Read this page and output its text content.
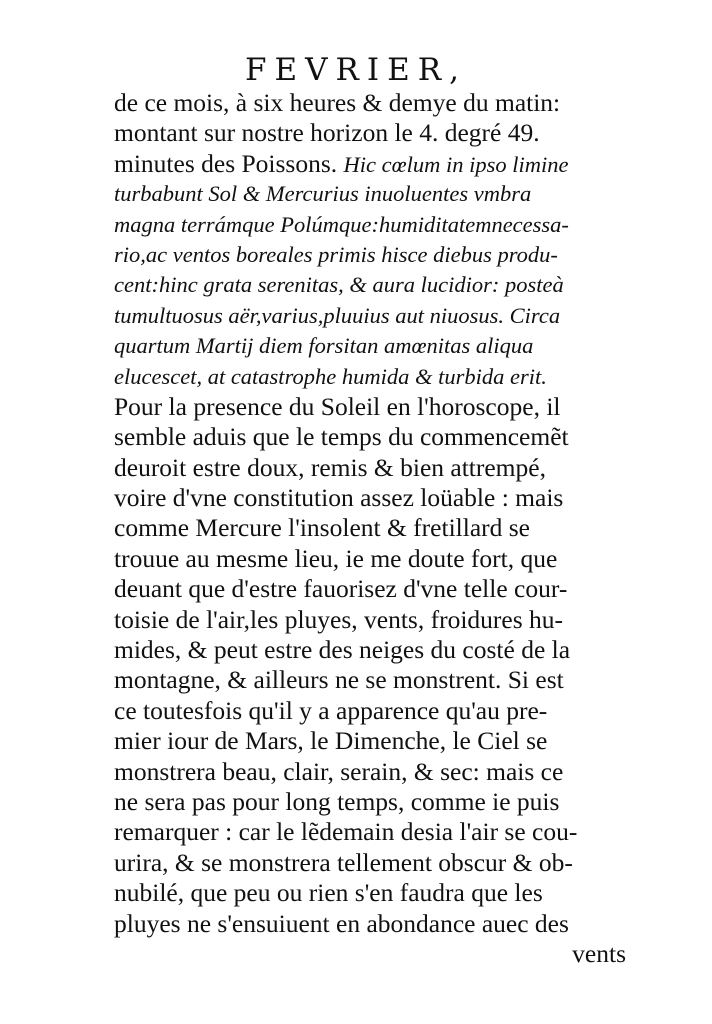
FEVRIER,
de ce mois, à six heures & demye du matin:
montant sur nostre horizon le 4. degré 49.
minutes des Poissons. Hic cœlum in ipso limine
turbabunt Sol & Mercurius inuoluentes vmbra
magna terrámque Polúmque:humiditatemnecessa-
rio,ac ventos boreales primis hisce diebus produ-
cent:hinc grata serenitas, & aura lucidior: posteà
tumultuosus aër,varius,pluuius aut niuosus. Circa
quartum Martij diem forsitan amœnitas aliqua
elucescet, at catastrophe humida & turbida erit.
Pour la presence du Soleil en l'horoscope, il
semble aduis que le temps du commencemẽt
deuroit estre doux, remis & bien attrempé,
voire d'vne constitution assez loüable : mais
comme Mercure l'insolent & fretillard se
trouue au mesme lieu, ie me doute fort, que
deuant que d'estre fauorisez d'vne telle cour-
toisie de l'air,les pluyes, vents, froidures hu-
mides, & peut estre des neiges du costé de la
montagne, & ailleurs ne se monstrent. Si est
ce toutesfois qu'il y a apparence qu'au pre-
mier iour de Mars, le Dimenche, le Ciel se
monstrera beau, clair, serain, & sec: mais ce
ne sera pas pour long temps, comme ie puis
remarquer : car le lẽdemain desia l'air se cou-
urira, & se monstrera tellement obscur & ob-
nubilé, que peu ou rien s'en faudra que les
pluyes ne s'ensuiuent en abondance auec des
vents
